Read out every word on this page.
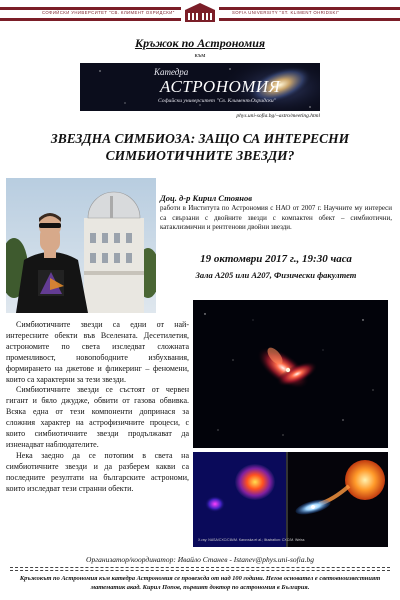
СОФИЙСКИ УНИВЕРСИТЕТ "СВ. КЛИМЕНТ ОХРИДСКИ"	SOFIA UNIVERSITY "ST. KLIMENT OHRIDSKI"
Кръжок по Астрономия
към
Катедра
АСТРОНОМИЯ
Софийски университет "Св. Климент Охридски"
phys.uni-sofia.bg/~astro/meeting.html
ЗВЕЗДНА СИМБИОЗА: ЗАЩО СА ИНТЕРЕСНИ
СИМБИОТИЧНИТЕ ЗВЕЗДИ?
Доц. д-р Кирил Стоянов
работи в Института по Астрономия с НАО от 2007 г. Научните му интереси са свързани с двойните звезди с компактен обект – симбиотични, катаклизмични и рентгенови двойни звезди.
19 октомври 2017 г., 19:30 часа
Зала А205 или А207, Физически факултет

Симбиотичните звезди са едни от най-интересните обекти във Вселената. Десетилетия, астрономите по света изследват сложната променливост, новопободните избухвания, формирането на джетове и фликеринг – феномени, които са характерни за тези звезди.

Симбиотичните звезди се състоят от червен гигант и бяло джудже, обвити от газова обвивка. Всяка една от тези компоненти допринася за сложния характер на астрофизичните процеси, с които симбиотичните звезди продължават да изненадват наблюдателите.

Нека заедно да се потопим в света на симбиотичните звезди и да разберем какви са последните резултати на българските астрономи, които изследват тези странни обекти.

X-ray: NASA/CXC/CfA/M. Karovska et al.; Illustration: CXC/M. Weiss
Организатор/координатор: Ивайло Станев - Istanev@phys.uni-sofia.bg
Кръжокът по Астрономия към катедра Астрономия се провежда от над 100 години. Негов основател е световноизвестният математик акад. Кирил Попов, първият доктор по астрономия в България.
